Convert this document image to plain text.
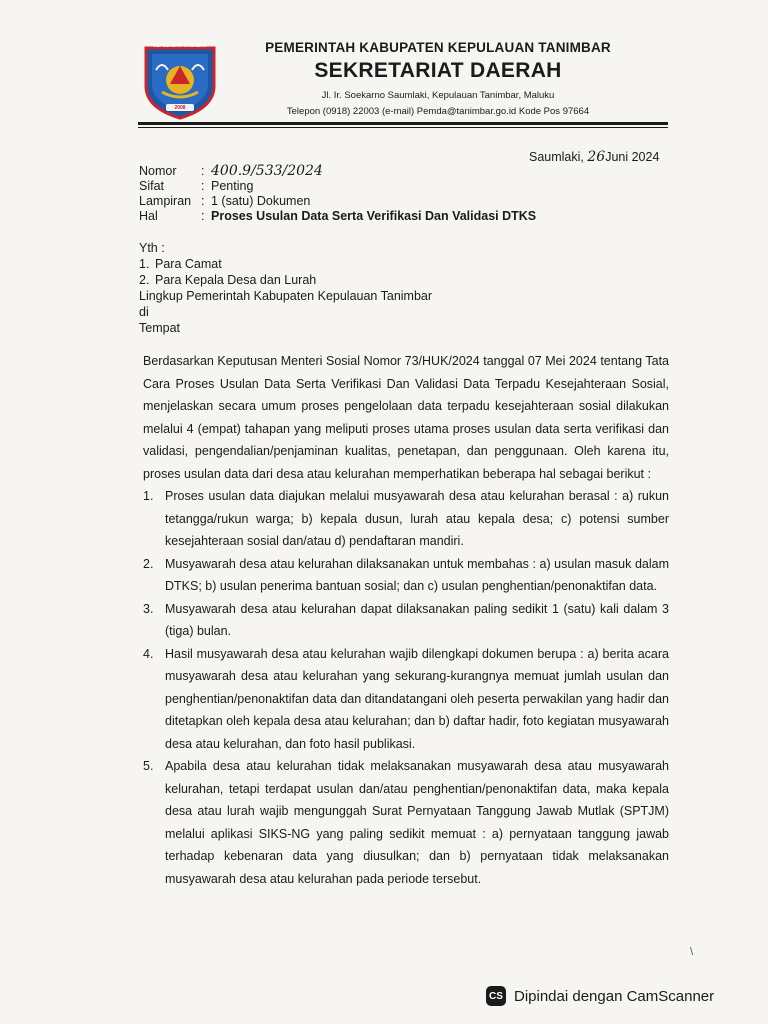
KEPULAUAN TANIMBAR
2008
PEMERINTAH KABUPATEN KEPULAUAN TANIMBAR
SEKRETARIAT DAERAH
Jl. Ir. Soekarno Saumlaki, Kepulauan Tanimbar, Maluku
Telepon (0918) 22003 (e-mail) Pemda@tanimbar.go.id Kode Pos 97664
Saumlaki, 26Juni 2024
Nomor	: 400.9/533/2024
Sifat	: Penting
Lampiran : 1 (satu) Dokumen
Hal	: Proses Usulan Data Serta Verifikasi Dan Validasi DTKS
Yth :
1. Para Camat
2. Para Kepala Desa dan Lurah
Lingkup Pemerintah Kabupaten Kepulauan Tanimbar
di
Tempat

Berdasarkan Keputusan Menteri Sosial Nomor 73/HUK/2024 tanggal 07 Mei 2024 tentang Tata Cara Proses Usulan Data Serta Verifikasi Dan Validasi Data Terpadu Kesejahteraan Sosial, menjelaskan secara umum proses pengelolaan data terpadu kesejahteraan sosial dilakukan melalui 4 (empat) tahapan yang meliputi proses utama proses usulan data serta verifikasi dan validasi, pengendalian/penjaminan kualitas, penetapan, dan penggunaan. Oleh karena itu, proses usulan data dari desa atau kelurahan memperhatikan beberapa hal sebagai berikut :

1. Proses usulan data diajukan melalui musyawarah desa atau kelurahan berasal : a) rukun tetangga/rukun warga; b) kepala dusun, lurah atau kepala desa; c) potensi sumber kesejahteraan sosial dan/atau d) pendaftaran mandiri.
2. Musyawarah desa atau kelurahan dilaksanakan untuk membahas : a) usulan masuk dalam DTKS; b) usulan penerima bantuan sosial; dan c) usulan penghentian/penonaktifan data.
3. Musyawarah desa atau kelurahan dapat dilaksanakan paling sedikit 1 (satu) kali dalam 3 (tiga) bulan.
4. Hasil musyawarah desa atau kelurahan wajib dilengkapi dokumen berupa : a) berita acara musyawarah desa atau kelurahan yang sekurang-kurangnya memuat jumlah usulan dan penghentian/penonaktifan data dan ditandatangani oleh peserta perwakilan yang hadir dan ditetapkan oleh kepala desa atau kelurahan; dan b) daftar hadir, foto kegiatan musyawarah desa atau kelurahan, dan foto hasil publikasi.
5. Apabila desa atau kelurahan tidak melaksanakan musyawarah desa atau musyawarah kelurahan, tetapi terdapat usulan dan/atau penghentian/penonaktifan data, maka kepala desa atau lurah wajib mengunggah Surat Pernyataan Tanggung Jawab Mutlak (SPTJM) melalui aplikasi SIKS-NG yang paling sedikit memuat : a) pernyataan tanggung jawab terhadap kebenaran data yang diusulkan; dan b) pernyataan tidak melaksanakan musyawarah desa atau kelurahan pada periode tersebut.
\
CS Dipindai dengan CamScanner
